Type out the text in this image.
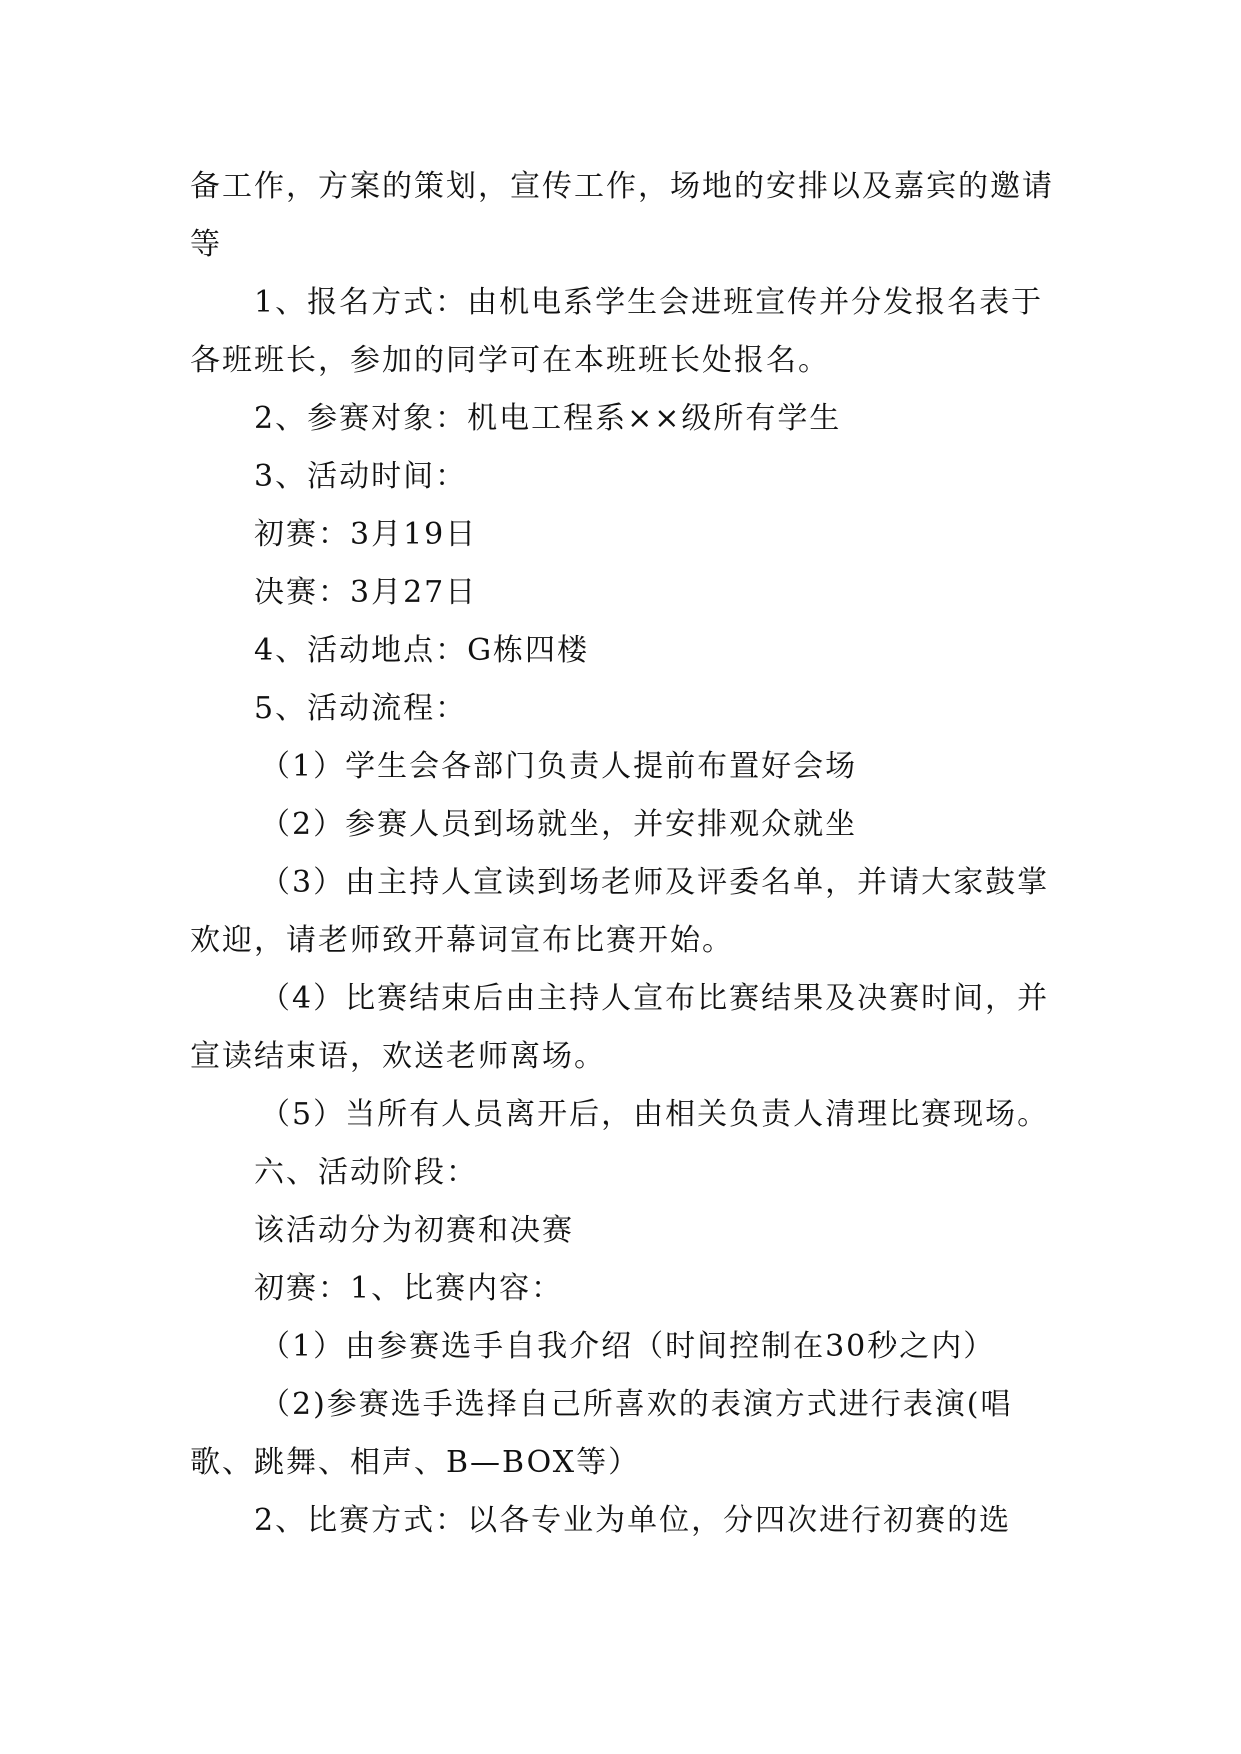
备工作，方案的策划，宣传工作，场地的安排以及嘉宾的邀请等

1、报名方式：由机电系学生会进班宣传并分发报名表于各班班长，参加的同学可在本班班长处报名。

2、参赛对象：机电工程系××级所有学生

3、活动时间：

初赛：3月19日

决赛：3月27日

4、活动地点：G栋四楼

5、活动流程：

（1）学生会各部门负责人提前布置好会场

（2）参赛人员到场就坐，并安排观众就坐

（3）由主持人宣读到场老师及评委名单，并请大家鼓掌欢迎，请老师致开幕词宣布比赛开始。

（4）比赛结束后由主持人宣布比赛结果及决赛时间，并宣读结束语，欢送老师离场。

（5）当所有人员离开后，由相关负责人清理比赛现场。

六、活动阶段：

该活动分为初赛和决赛

初赛：1、比赛内容：

（1）由参赛选手自我介绍（时间控制在30秒之内）

（2)参赛选手选择自己所喜欢的表演方式进行表演(唱歌、跳舞、相声、B—BOX等）

2、比赛方式：以各专业为单位，分四次进行初赛的选
